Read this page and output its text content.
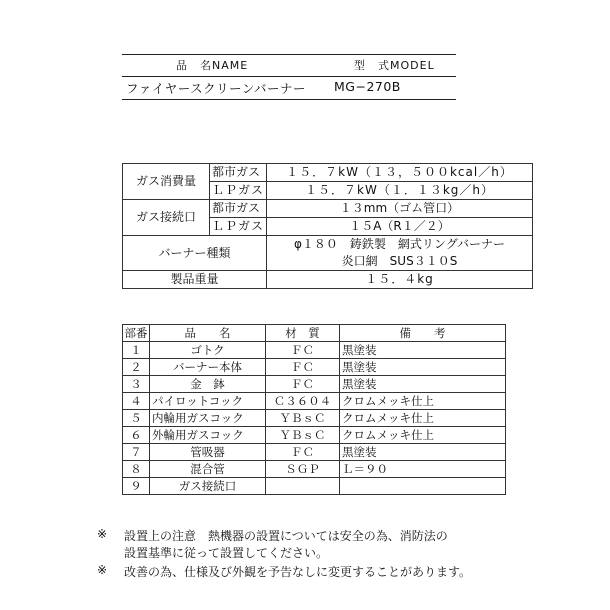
品　名NAME	型　式MODEL
ファイヤースクリーンバーナー MG−270B
ガス消費量	都市ガス	１５．７kW（１３，５００kcal／h）
	ＬＰガス	１５．７kW（１．１３kg／h）
ガス接続口	都市ガス	１３mm（ゴム管口）
	ＬＰガス	１５A（R１／２）
バーナー種類		φ１８０　鋳鉄製　網式リングバーナー
炎口網　SUS３１０S

製品重量		１５．４kg
部番	品　　名	材　質	備　　考
１	ゴトク	ＦＣ	黒塗装
２	バーナー本体	ＦＣ	黒塗装
３	金　鉢	ＦＣ	黒塗装
４	パイロットコック	Ｃ３６０４	クロムメッキ仕上
５	内輪用ガスコック	ＹＢｓＣ	クロムメッキ仕上
６	外輪用ガスコック	ＹＢｓＣ	クロムメッキ仕上
７	管吸器	ＦＣ	黒塗装
８	混合管	ＳＧＰ	Ｌ＝９０
９	ガス接続口		
※ 設置上の注意　熱機器の設置については安全の為、消防法の
設置基準に従って設置してください。
※ 改善の為、仕様及び外観を予告なしに変更することがあります。
